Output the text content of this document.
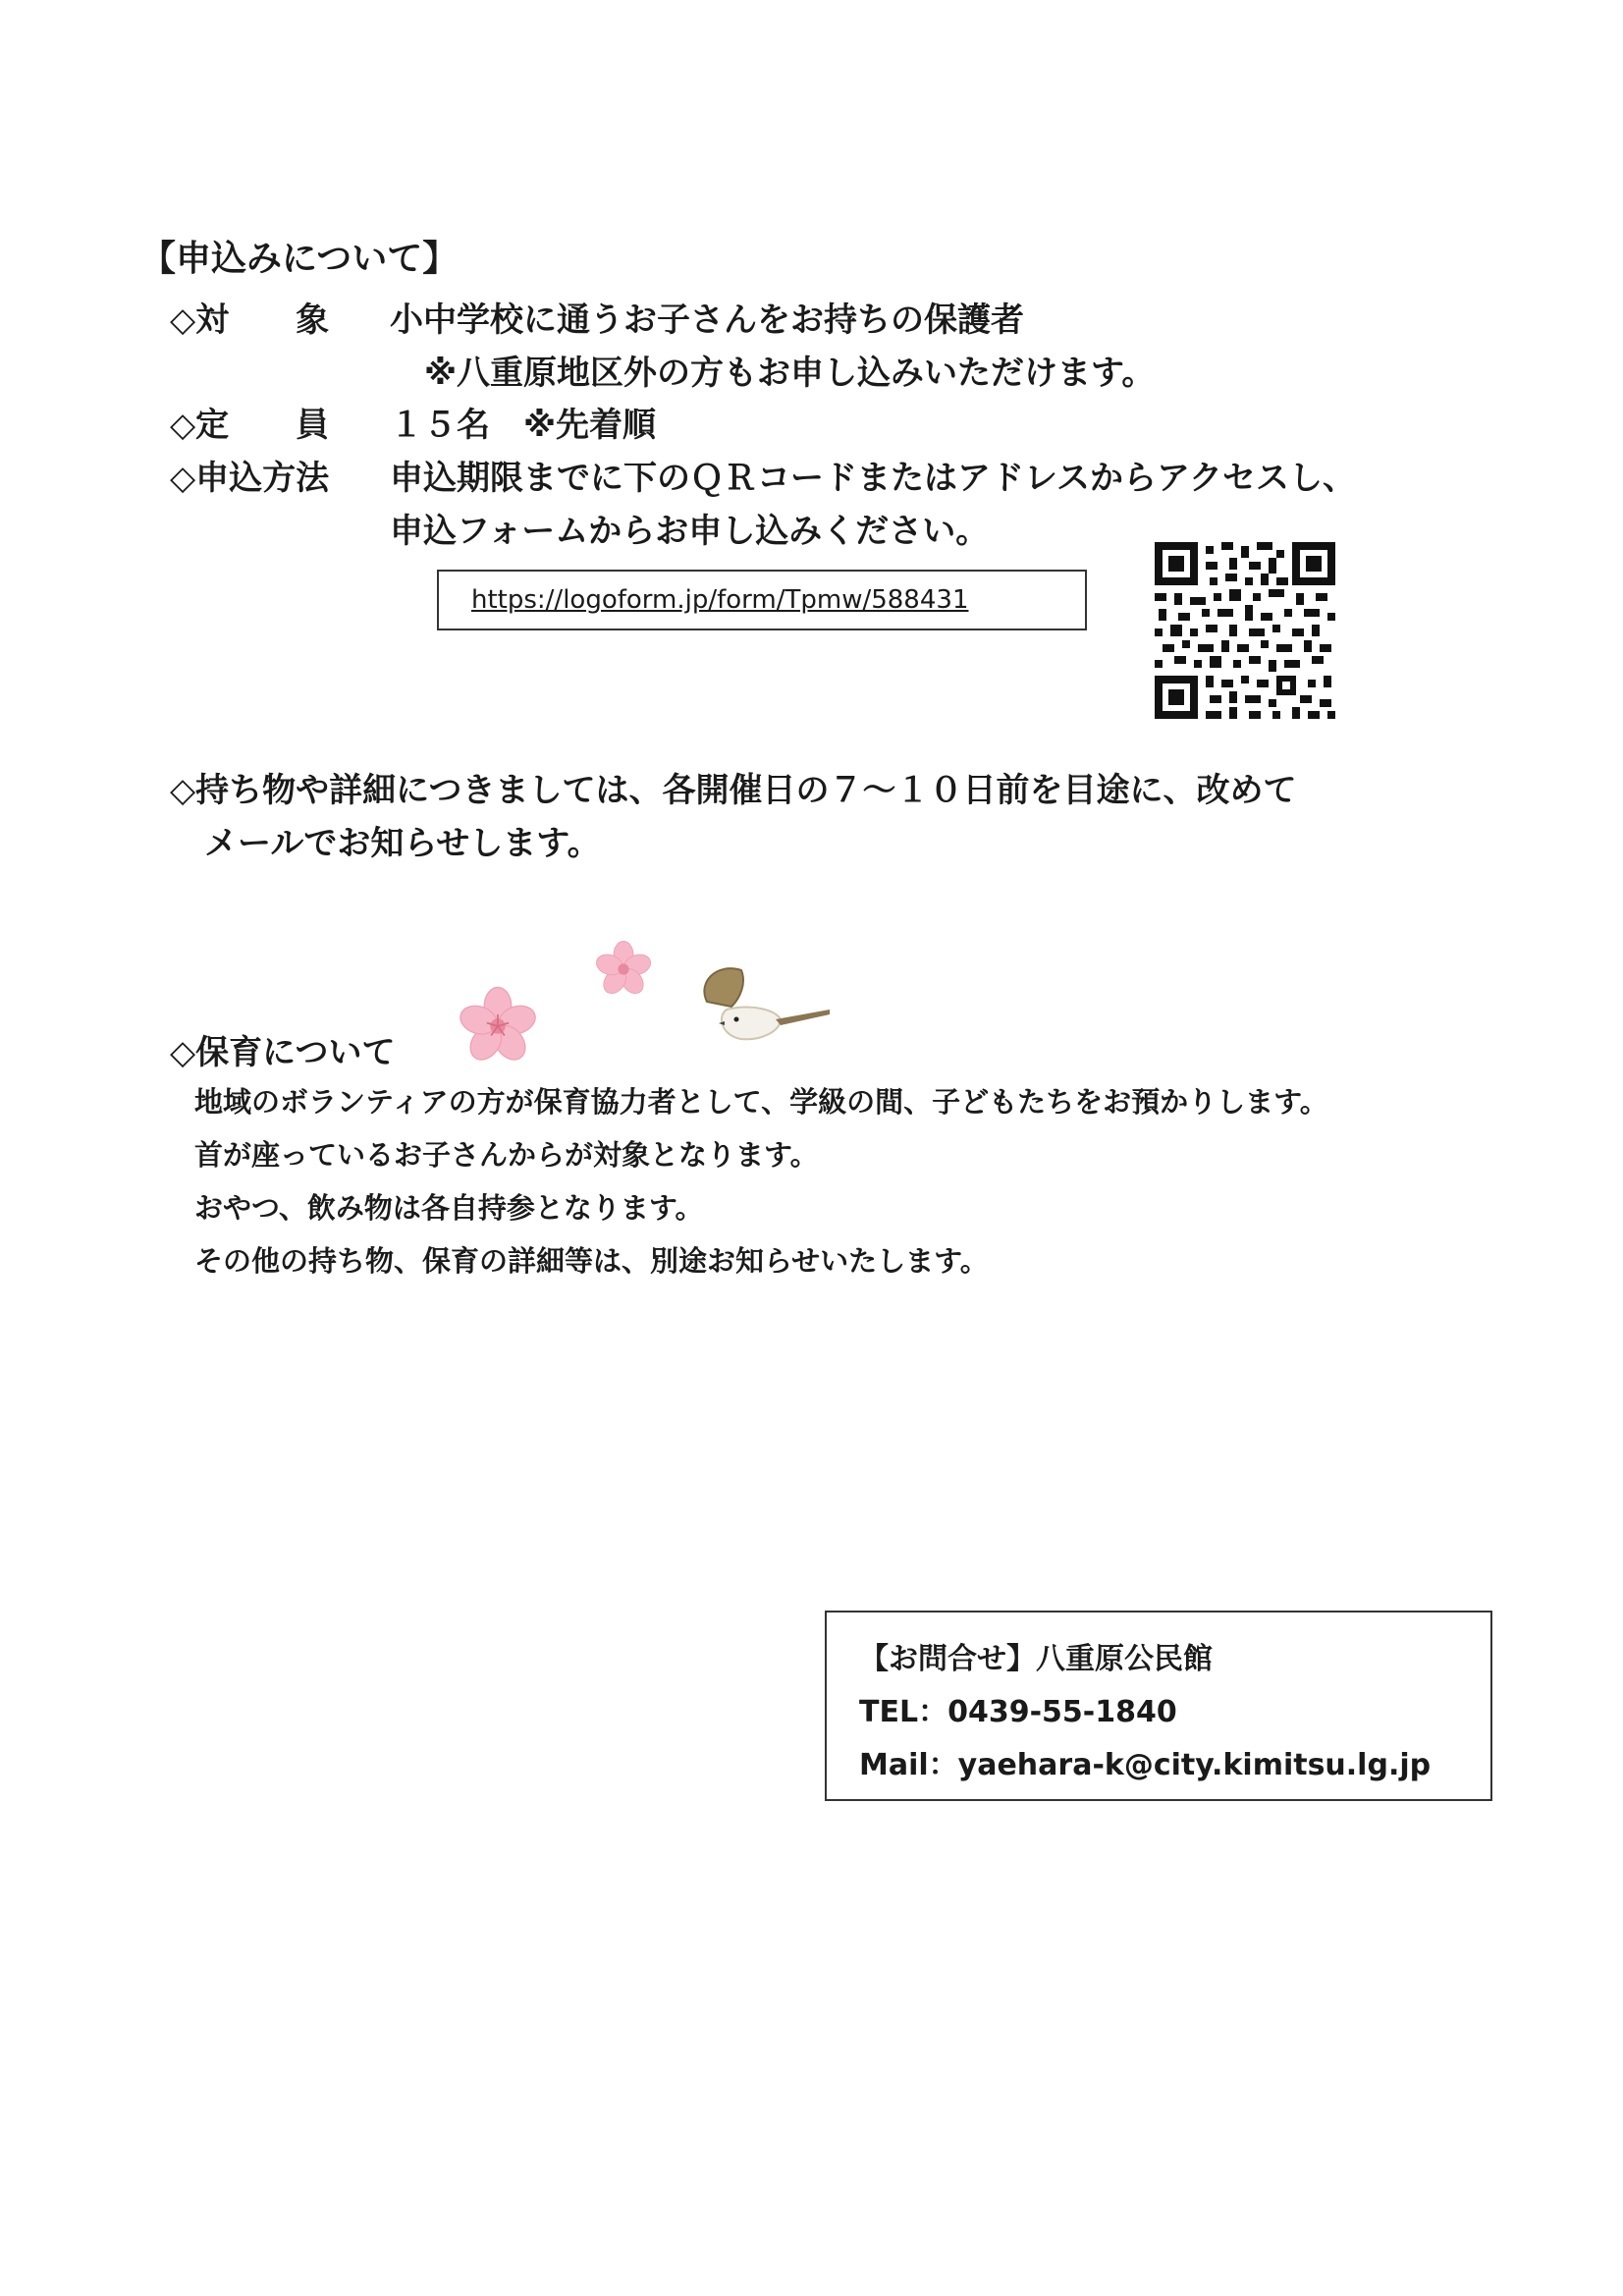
【申込みについて】
◇対　　象 小中学校に通うお子さんをお持ちの保護者
※八重原地区外の方もお申し込みいただけます。
◇定　　員 １５名　※先着順
◇申込方法 申込期限までに下のＱＲコードまたはアドレスからアクセスし、
申込フォームからお申し込みください。
https://logoform.jp/form/Tpmw/588431
◇持ち物や詳細につきましては、各開催日の７～１０日前を目途に、改めて
メールでお知らせします。
◇保育について
地域のボランティアの方が保育協力者として、学級の間、子どもたちをお預かりします。
首が座っているお子さんからが対象となります。
おやつ、飲み物は各自持参となります。
その他の持ち物、保育の詳細等は、別途お知らせいたします。
【お問合せ】八重原公民館
TEL：0439-55-1840
Mail：yaehara-k@city.kimitsu.lg.jp
